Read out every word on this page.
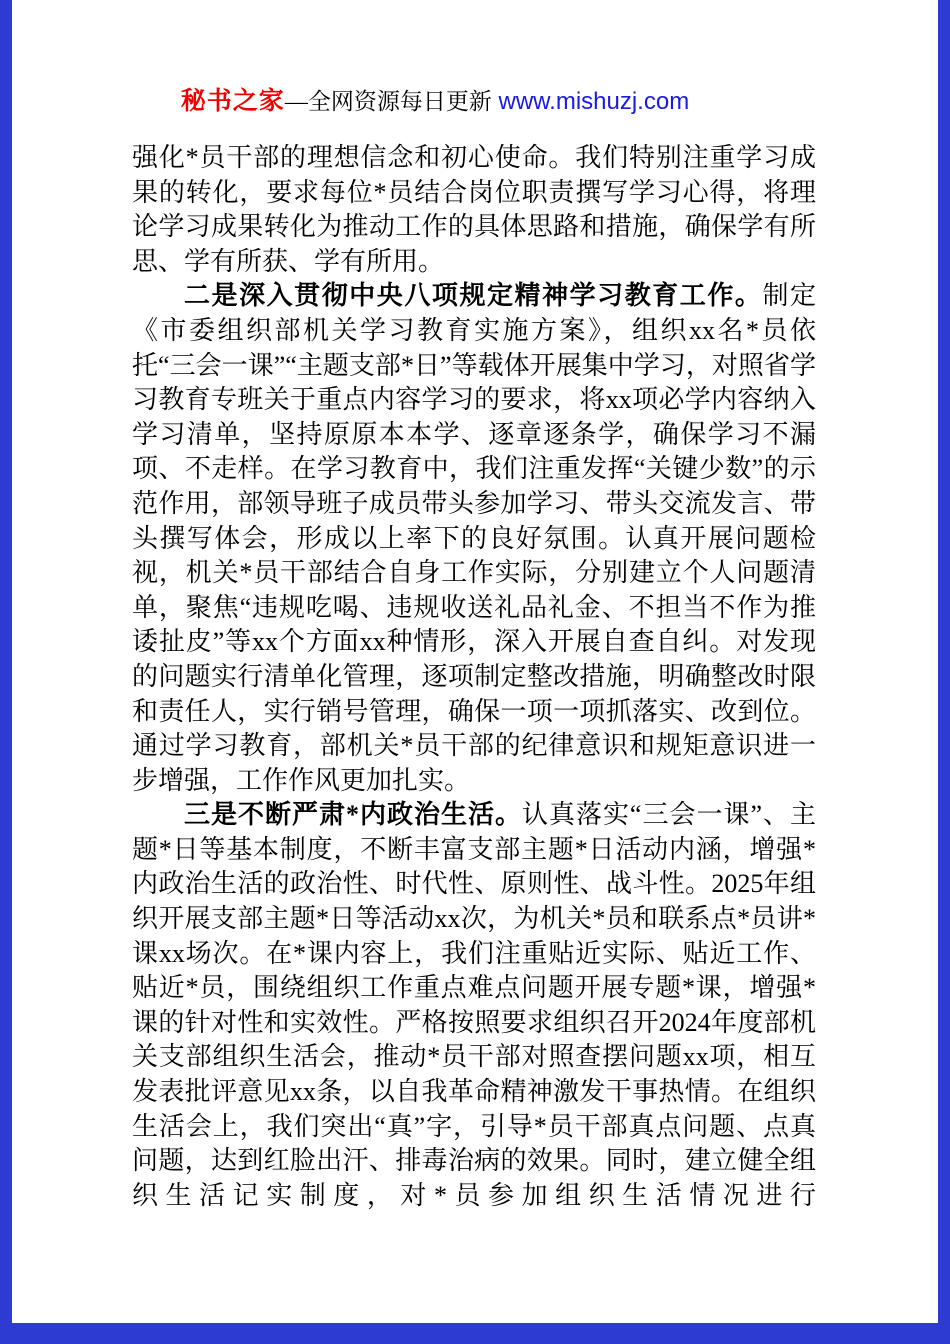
秘书之家—全网资源每日更新 www.mishuzj.com

强化*员干部的理想信念和初心使命。我们特别注重学习成果的转化，要求每位*员结合岗位职责撰写学习心得，将理论学习成果转化为推动工作的具体思路和措施，确保学有所思、学有所获、学有所用。

二是深入贯彻中央八项规定精神学习教育工作。制定《市委组织部机关学习教育实施方案》，组织xx名*员依托“三会一课”“主题支部*日”等载体开展集中学习，对照省学习教育专班关于重点内容学习的要求，将xx项必学内容纳入学习清单，坚持原原本本学、逐章逐条学，确保学习不漏项、不走样。在学习教育中，我们注重发挥“关键少数”的示范作用，部领导班子成员带头参加学习、带头交流发言、带头撰写体会，形成以上率下的良好氛围。认真开展问题检视，机关*员干部结合自身工作实际，分别建立个人问题清单，聚焦“违规吃喝、违规收送礼品礼金、不担当不作为推诿扯皮”等xx个方面xx种情形，深入开展自查自纠。对发现的问题实行清单化管理，逐项制定整改措施，明确整改时限和责任人，实行销号管理，确保一项一项抓落实、改到位。通过学习教育，部机关*员干部的纪律意识和规矩意识进一步增强，工作作风更加扎实。

三是不断严肃*内政治生活。认真落实“三会一课”、主题*日等基本制度，不断丰富支部主题*日活动内涵，增强*内政治生活的政治性、时代性、原则性、战斗性。2025年组织开展支部主题*日等活动xx次，为机关*员和联系点*员讲*课xx场次。在*课内容上，我们注重贴近实际、贴近工作、贴近*员，围绕组织工作重点难点问题开展专题*课，增强*课的针对性和实效性。严格按照要求组织召开2024年度部机关支部组织生活会，推动*员干部对照查摆问题xx项，相互发表批评意见xx条，以自我革命精神激发干事热情。在组织生活会上，我们突出“真”字，引导*员干部真点问题、点真问题，达到红脸出汗、排毒治病的效果。同时，建立健全组织生活记实制度，对*员参加组织生活情况进行
